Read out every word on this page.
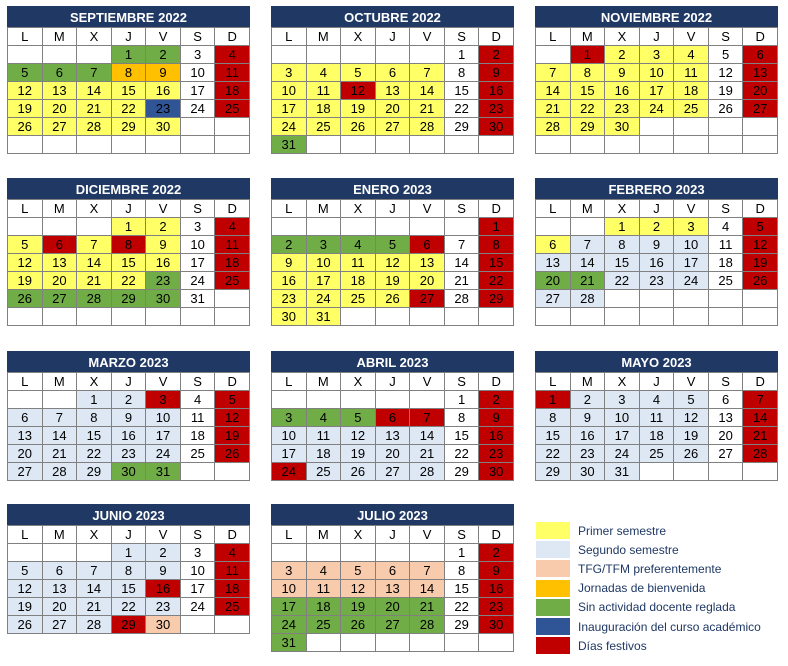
SEPTIEMBRE 2022
L	M	X	J	V	S	D
			1	2	3	4
5	6	7	8	9	10	11
12	13	14	15	16	17	18
19	20	21	22	23	24	25
26	27	28	29	30		

OCTUBRE 2022
L	M	X	J	V	S	D
					1	2
3	4	5	6	7	8	9
10	11	12	13	14	15	16
17	18	19	20	21	22	23
24	25	26	27	28	29	30
31						
NOVIEMBRE 2022
L	M	X	J	V	S	D
	1	2	3	4	5	6
7	8	9	10	11	12	13
14	15	16	17	18	19	20
21	22	23	24	25	26	27
28	29	30				

DICIEMBRE 2022
L	M	X	J	V	S	D
			1	2	3	4
5	6	7	8	9	10	11
12	13	14	15	16	17	18
19	20	21	22	23	24	25
26	27	28	29	30	31	

ENERO 2023
L	M	X	J	V	S	D
						1
2	3	4	5	6	7	8
9	10	11	12	13	14	15
16	17	18	19	20	21	22
23	24	25	26	27	28	29
30	31					
FEBRERO 2023
L	M	X	J	V	S	D
		1	2	3	4	5
6	7	8	9	10	11	12
13	14	15	16	17	18	19
20	21	22	23	24	25	26
27	28					

MARZO 2023
L	M	X	J	V	S	D
		1	2	3	4	5
6	7	8	9	10	11	12
13	14	15	16	17	18	19
20	21	22	23	24	25	26
27	28	29	30	31		
ABRIL 2023
L	M	X	J	V	S	D
					1	2
3	4	5	6	7	8	9
10	11	12	13	14	15	16
17	18	19	20	21	22	23
24	25	26	27	28	29	30
MAYO 2023
L	M	X	J	V	S	D
1	2	3	4	5	6	7
8	9	10	11	12	13	14
15	16	17	18	19	20	21
22	23	24	25	26	27	28
29	30	31				
JUNIO 2023
L	M	X	J	V	S	D
			1	2	3	4
5	6	7	8	9	10	11
12	13	14	15	16	17	18
19	20	21	22	23	24	25
26	27	28	29	30		
JULIO 2023
L	M	X	J	V	S	D
					1	2
3	4	5	6	7	8	9
10	11	12	13	14	15	16
17	18	19	20	21	22	23
24	25	26	27	28	29	30
31						
Primer semestre
Segundo semestre
TFG/TFM preferentemente
Jornadas de bienvenida
Sin actividad docente reglada
Inauguración del curso académico
Días festivos
